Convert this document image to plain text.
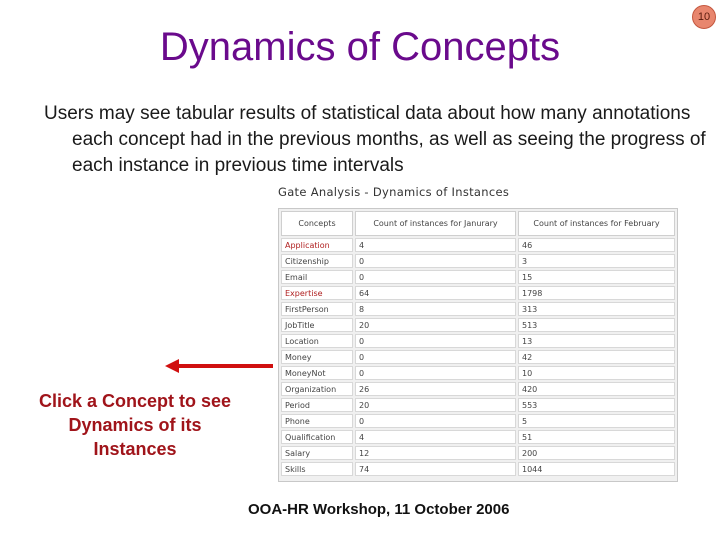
10
Dynamics of Concepts
Users may see tabular results of statistical data about how many annotations each concept had in the previous months, as well as seeing the progress of each instance in previous time intervals
Gate Analysis - Dynamics of Instances
Concepts	Count of instances for Janurary	Count of instances for February
Application	4	46
Citizenship	0	3
Email	0	15
Expertise	64	1798
FirstPerson	8	313
JobTitle	20	513
Location	0	13
Money	0	42
MoneyNot	0	10
Organization	26	420
Period	20	553
Phone	0	5
Qualification	4	51
Salary	12	200
Skills	74	1044
Click a Concept to see Dynamics of its Instances
OOA-HR Workshop, 11 October 2006
